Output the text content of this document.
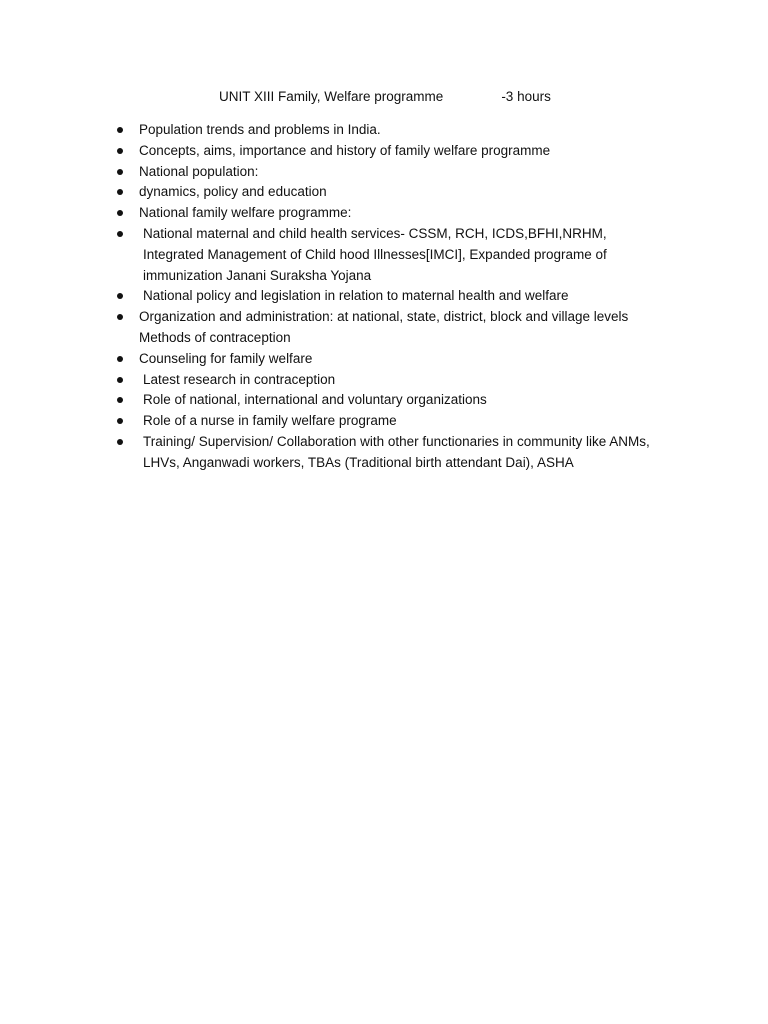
UNIT XIII Family, Welfare programme	-3 hours
Population trends and problems in India.
Concepts, aims, importance and history of family welfare programme
National population:
dynamics, policy and education
National family welfare programme:
National maternal and child health services- CSSM, RCH, ICDS,BFHI,NRHM, Integrated Management of Child hood Illnesses[IMCI], Expanded programe of immunization Janani Suraksha Yojana
National policy and legislation in relation to maternal health and welfare
Organization and administration: at national, state, district, block and village levels Methods of contraception
Counseling for family welfare
Latest research in contraception
Role of national, international and voluntary organizations
Role of a nurse in family welfare programe
Training/ Supervision/ Collaboration with other functionaries in community like ANMs, LHVs, Anganwadi workers, TBAs (Traditional birth attendant Dai), ASHA
